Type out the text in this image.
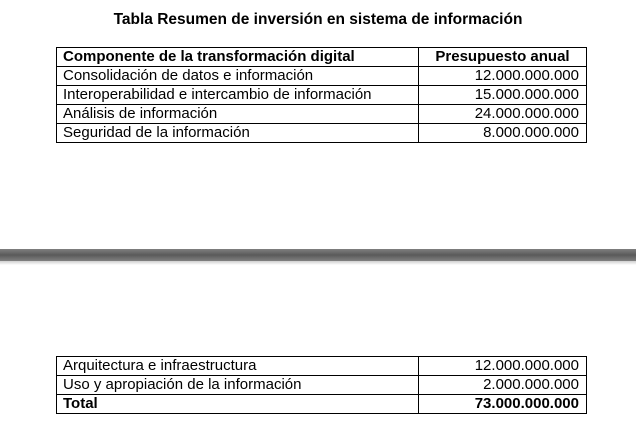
Tabla Resumen de inversión en sistema de información
Componente de la transformación digital	Presupuesto anual
Consolidación de datos e información	12.000.000.000
Interoperabilidad e intercambio de información	15.000.000.000
Análisis de información	24.000.000.000
Seguridad de la información	8.000.000.000
Arquitectura e infraestructura	12.000.000.000
Uso y apropiación de la información	2.000.000.000
Total	73.000.000.000
